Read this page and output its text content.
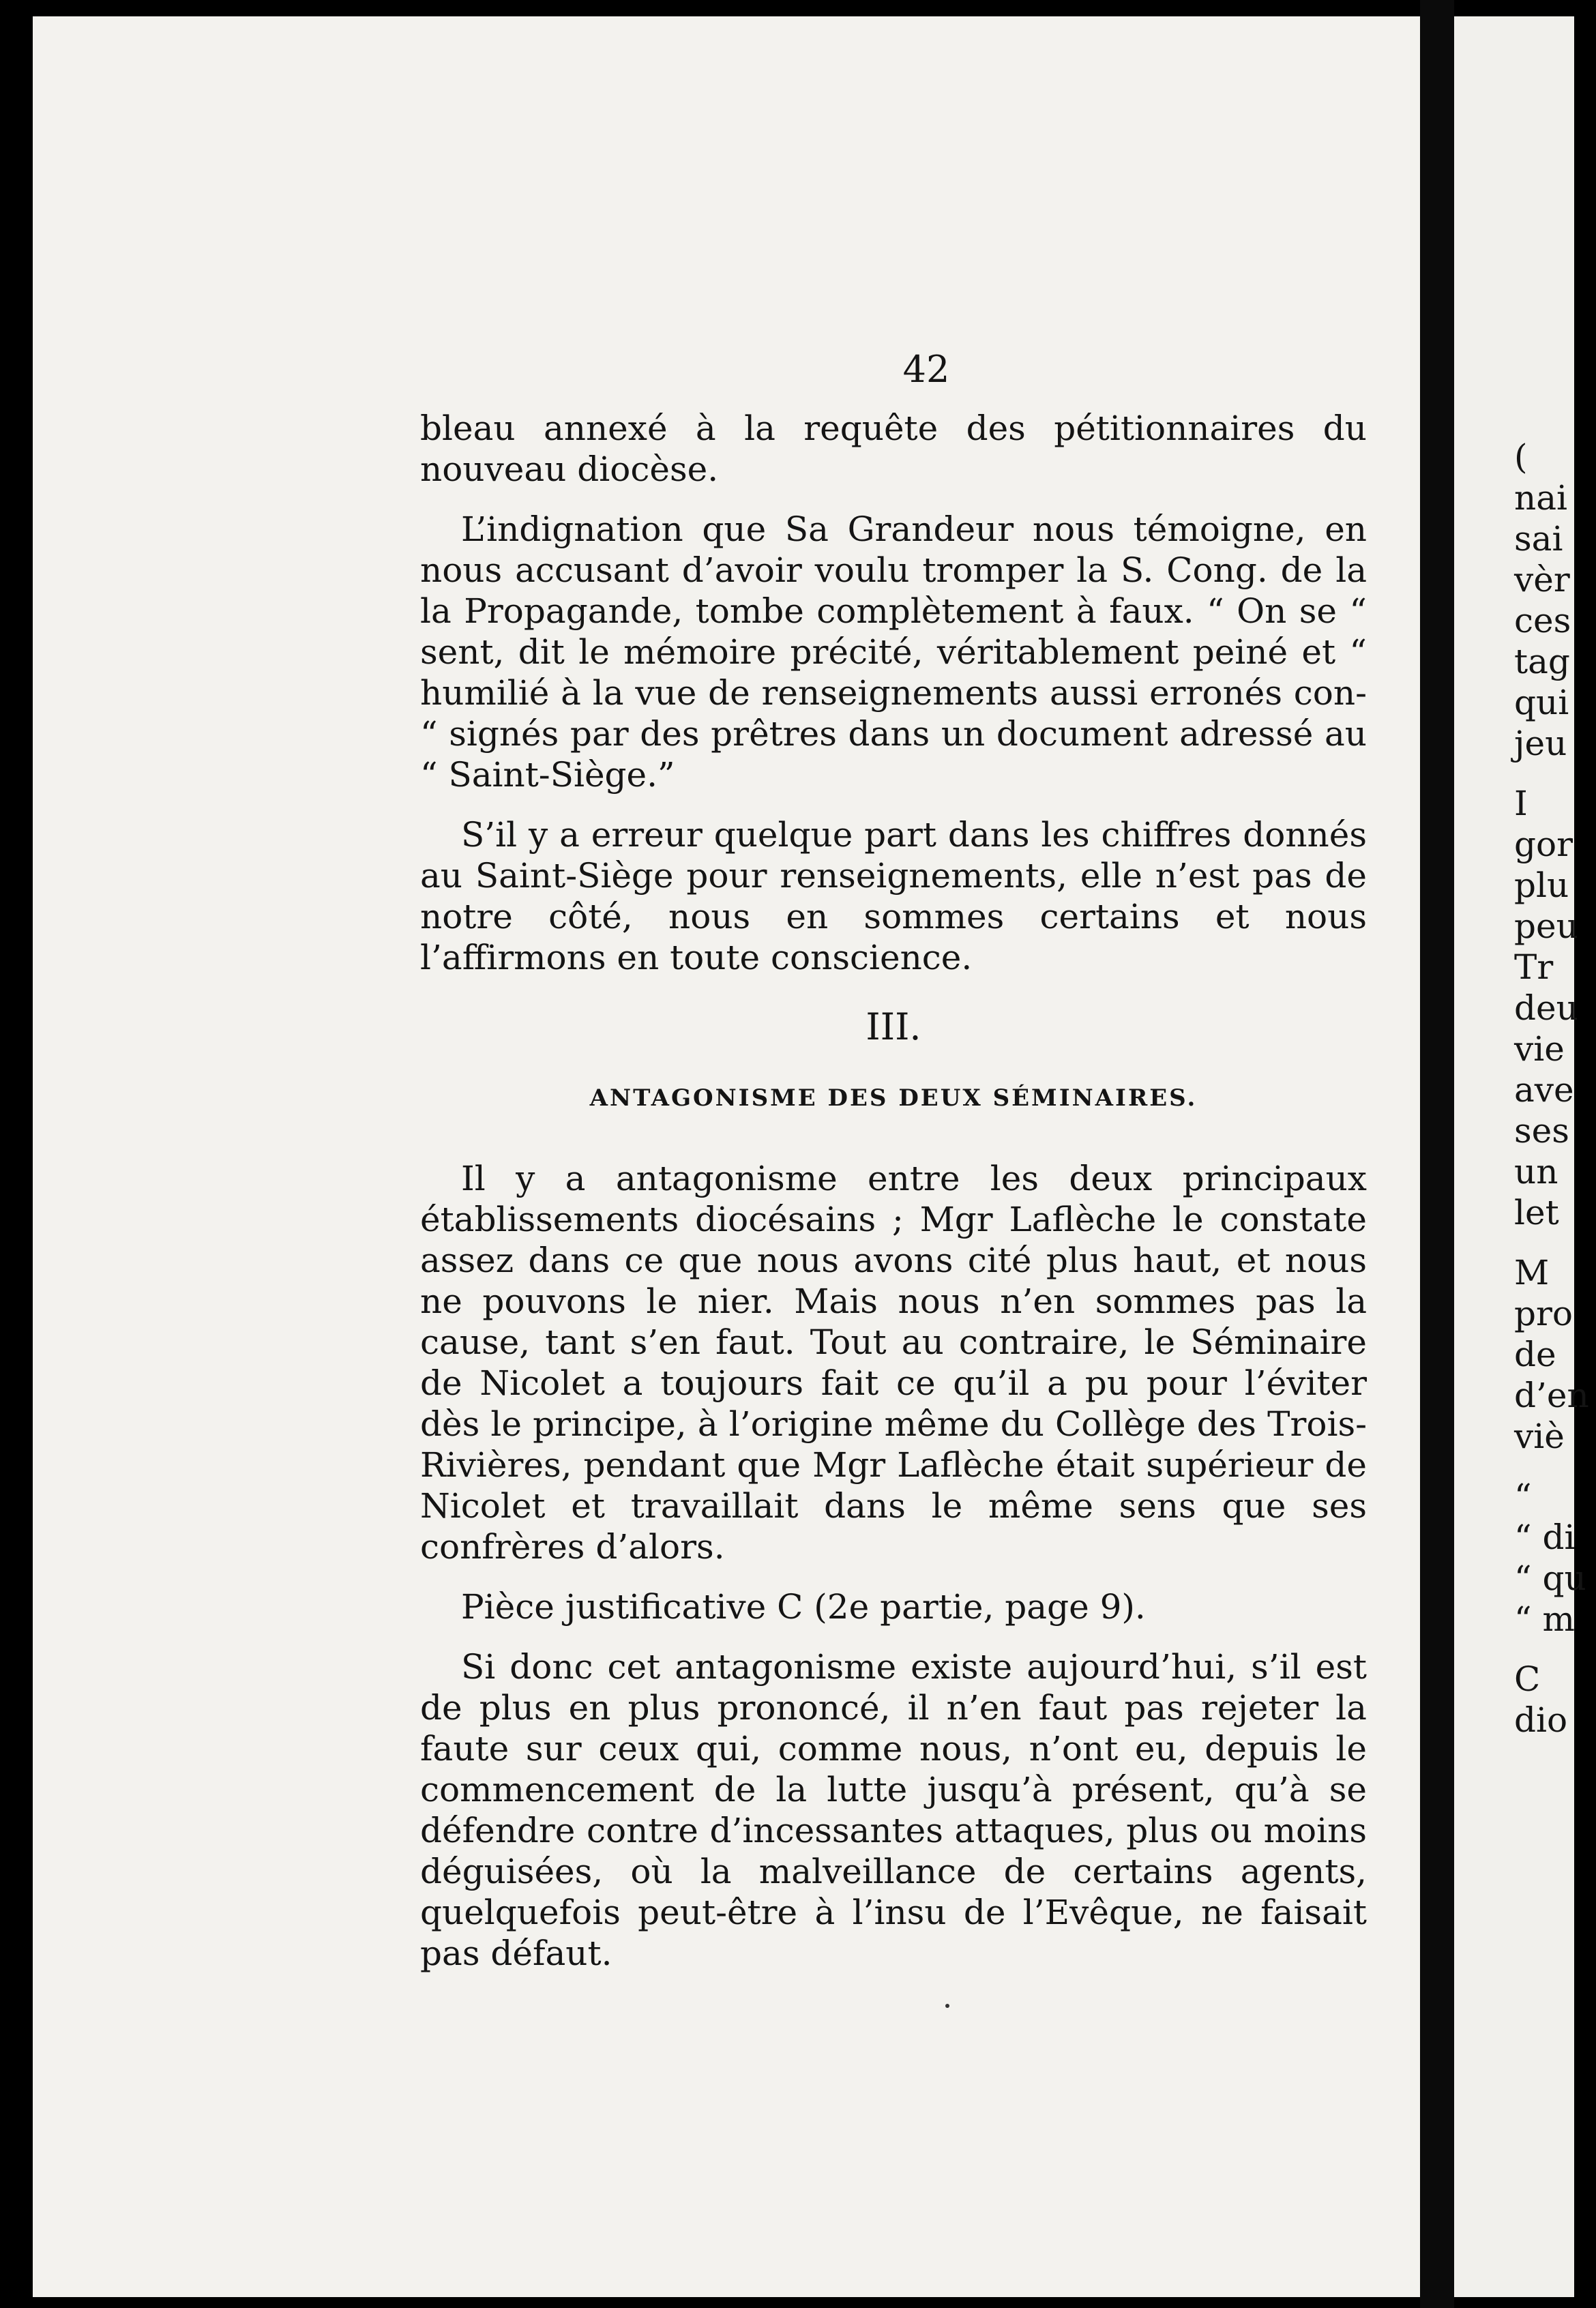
42

bleau annexé à la requête des pétitionnaires du nouveau diocèse.

L’indignation que Sa Grandeur nous témoigne, en nous accusant d’avoir voulu tromper la S. Cong. de la la Propagande, tombe complètement à faux. “ On se “ sent, dit le mémoire précité, véritablement peiné et “ humilié à la vue de renseignements aussi erronés con- “ signés par des prêtres dans un document adressé au “ Saint-Siège.”

S’il y a erreur quelque part dans les chiffres donnés au Saint-Siège pour renseignements, elle n’est pas de notre côté, nous en sommes certains et nous l’affirmons en toute conscience.

III.

ANTAGONISME DES DEUX SÉMINAIRES.

Il y a antagonisme entre les deux principaux établissements diocésains ; Mgr Laflèche le constate assez dans ce que nous avons cité plus haut, et nous ne pouvons le nier. Mais nous n’en sommes pas la cause, tant s’en faut. Tout au contraire, le Séminaire de Nicolet a toujours fait ce qu’il a pu pour l’éviter dès le principe, à l’origine même du Collège des Trois-Rivières, pendant que Mgr Laflèche était supérieur de Nicolet et travaillait dans le même sens que ses confrères d’alors.

Pièce justificative C (2e partie, page 9).

Si donc cet antagonisme existe aujourd’hui, s’il est de plus en plus prononcé, il n’en faut pas rejeter la faute sur ceux qui, comme nous, n’ont eu, depuis le commencement de la lutte jusqu’à présent, qu’à se défendre contre d’incessantes attaques, plus ou moins déguisées, où la malveillance de certains agents, quelquefois peut-être à l’insu de l’Evêque, ne faisait pas défaut.

(
nai
sai
vèr
ces
tag
qui
jeu
I
gor
plu
peu
Tr
deu
vie
ave
ses
un
let
M
pro
de
d’en
viè
“
“ di
“ qu
“ m
C
dio
